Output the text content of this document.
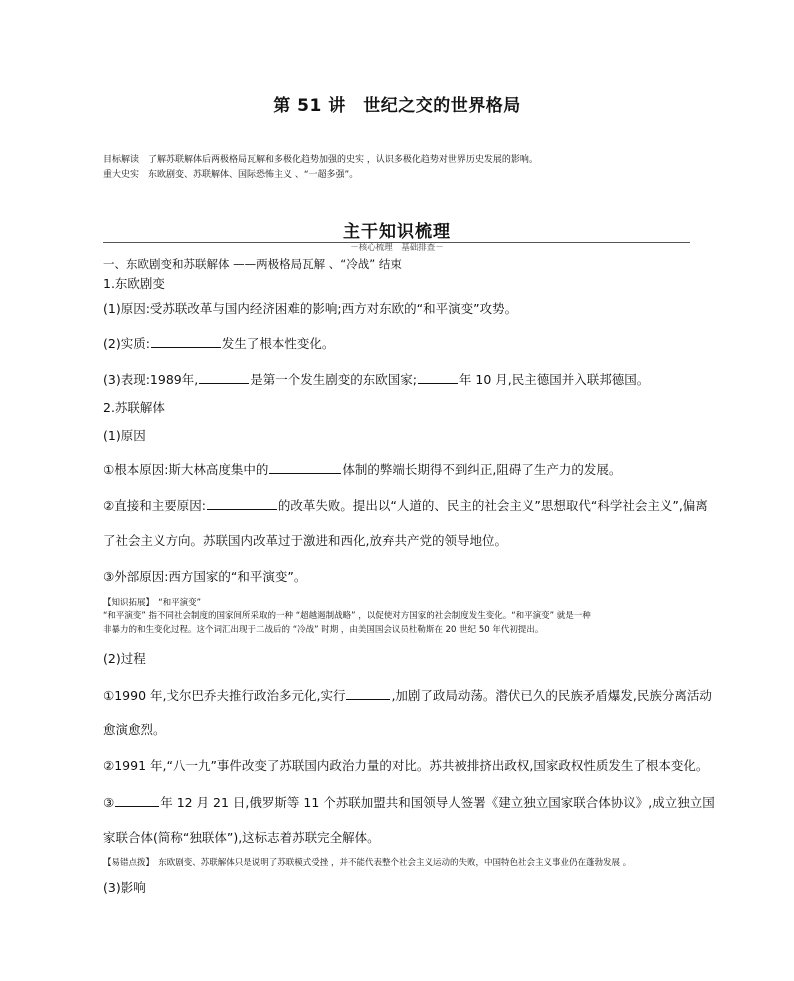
第 51 讲　世纪之交的世界格局
目标解读　了解苏联解体后两极格局瓦解和多极化趋势加强的史实 ，认识多极化趋势对世界历史发展的影响。
重大史实　东欧剧变、苏联解体、国际恐怖主义 、“一超多强”。
主干知识梳理
－核心梳理　基础排查－
一、东欧剧变和苏联解体 ——两极格局瓦解 、“冷战” 结束
1.东欧剧变
(1)原因:受苏联改革与国内经济困难的影响;西方对东欧的“和平演变”攻势。
(2)实质:	发生了根本性变化。
(3)表现:1989年,	是第一个发生剧变的东欧国家;	年 10 月,民主德国并入联邦德国。
2.苏联解体
(1)原因
①根本原因:斯大林高度集中的	体制的弊端长期得不到纠正,阻碍了生产力的发展。
②直接和主要原因:	的改革失败。提出以“人道的、民主的社会主义”思想取代“科学社会主义”,偏离
了社会主义方向。苏联国内改革过于激进和西化,放弃共产党的领导地位。
③外部原因:西方国家的“和平演变”。
【知识拓展】　“和平演变”
“和平演变” 指不同社会制度的国家间所采取的一种 “超越遏制战略” ，以促使对方国家的社会制度发生变化。“和平演变” 就是一种
非暴力的和生变化过程。这个词汇出现于二战后的 “冷战” 时期 ，由美国国会议员杜勒斯在 20 世纪 50 年代初提出。
(2)过程
①1990 年,戈尔巴乔夫推行政治多元化,实行	,加剧了政局动荡。潜伏已久的民族矛盾爆发,民族分离活动
愈演愈烈。
②1991 年,“八一九”事件改变了苏联国内政治力量的对比。苏共被排挤出政权,国家政权性质发生了根本变化。
③	年 12 月 21 日,俄罗斯等 11 个苏联加盟共和国领导人签署《建立独立国家联合体协议》,成立独立国
家联合体(简称“独联体”),这标志着苏联完全解体。
【易错点拨】　东欧剧变、苏联解体只是说明了苏联模式受挫 ，并不能代表整个社会主义运动的失败，中国特色社会主义事业仍在蓬勃发展 。
(3)影响
